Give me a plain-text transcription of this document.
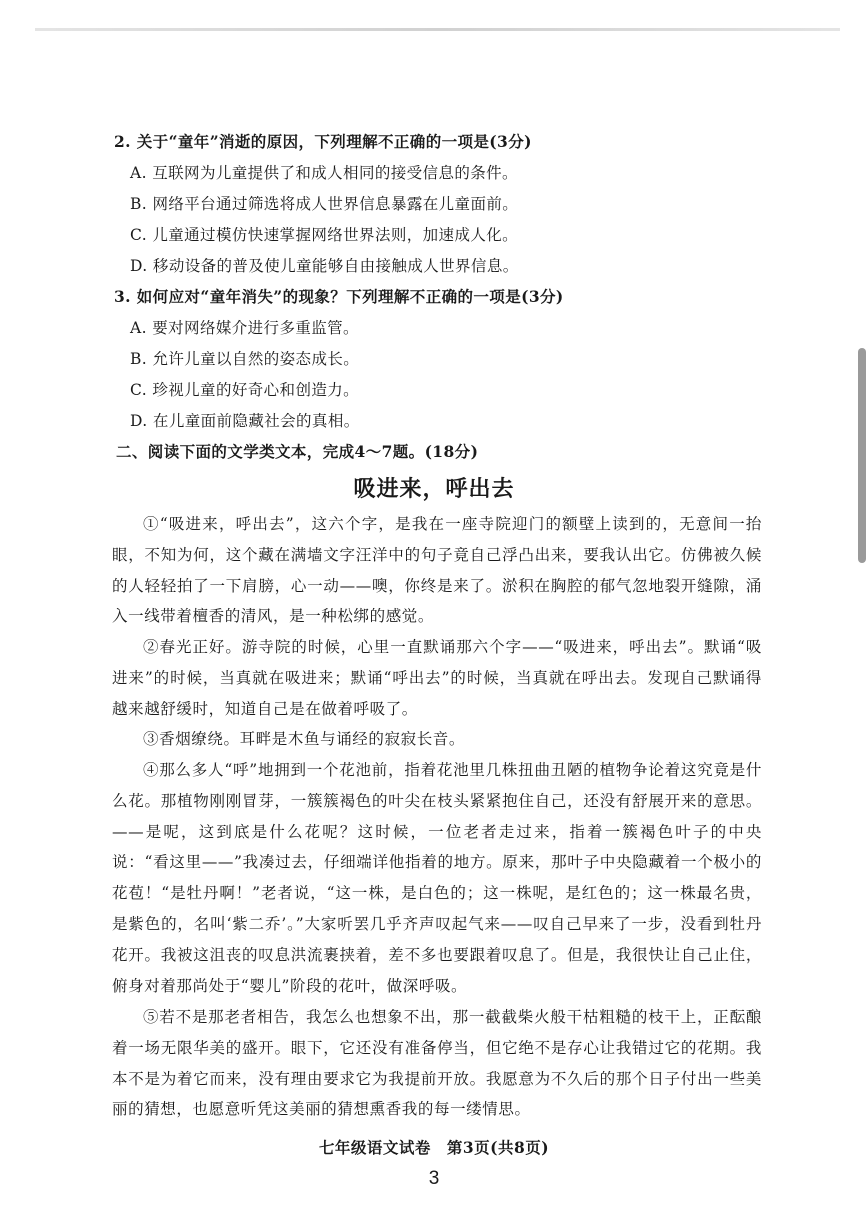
2. 关于“童年”消逝的原因，下列理解不正确的一项是(3分)
A. 互联网为儿童提供了和成人相同的接受信息的条件。
B. 网络平台通过筛选将成人世界信息暴露在儿童面前。
C. 儿童通过模仿快速掌握网络世界法则，加速成人化。
D. 移动设备的普及使儿童能够自由接触成人世界信息。
3. 如何应对“童年消失”的现象？下列理解不正确的一项是(3分)
A. 要对网络媒介进行多重监管。
B. 允许儿童以自然的姿态成长。
C. 珍视儿童的好奇心和创造力。
D. 在儿童面前隐藏社会的真相。
二、阅读下面的文学类文本，完成4～7题。(18分)
吸进来，呼出去
①“吸进来，呼出去”，这六个字，是我在一座寺院迎门的额壁上读到的，无意间一抬眼，不知为何，这个藏在满墙文字汪洋中的句子竟自己浮凸出来，要我认出它。仿佛被久候的人轻轻拍了一下肩膀，心一动——噢，你终是来了。淤积在胸腔的郁气忽地裂开缝隙，涌入一线带着檀香的清风，是一种松绑的感觉。
②春光正好。游寺院的时候，心里一直默诵那六个字——“吸进来，呼出去”。默诵“吸进来”的时候，当真就在吸进来；默诵“呼出去”的时候，当真就在呼出去。发现自己默诵得越来越舒缓时，知道自己是在做着呼吸了。
③香烟缭绕。耳畔是木鱼与诵经的寂寂长音。
④那么多人“呼”地拥到一个花池前，指着花池里几株扭曲丑陋的植物争论着这究竟是什么花。那植物刚刚冒芽，一簇簇褐色的叶尖在枝头紧紧抱住自己，还没有舒展开来的意思。——是呢，这到底是什么花呢？这时候，一位老者走过来，指着一簇褐色叶子的中央说：“看这里——”我凑过去，仔细端详他指着的地方。原来，那叶子中央隐藏着一个极小的花苞！“是牡丹啊！”老者说，“这一株，是白色的；这一株呢，是红色的；这一株最名贵，是紫色的，名叫‘紫二乔’。”大家听罢几乎齐声叹起气来——叹自己早来了一步，没看到牡丹花开。我被这沮丧的叹息洪流裹挟着，差不多也要跟着叹息了。但是，我很快让自己止住，俯身对着那尚处于“婴儿”阶段的花叶，做深呼吸。
⑤若不是那老者相告，我怎么也想象不出，那一截截柴火般干枯粗糙的枝干上，正酝酿着一场无限华美的盛开。眼下，它还没有准备停当，但它绝不是存心让我错过它的花期。我本不是为着它而来，没有理由要求它为我提前开放。我愿意为不久后的那个日子付出一些美丽的猜想，也愿意听凭这美丽的猜想熏香我的每一缕情思。
七年级语文试卷　第3页(共8页)
3
